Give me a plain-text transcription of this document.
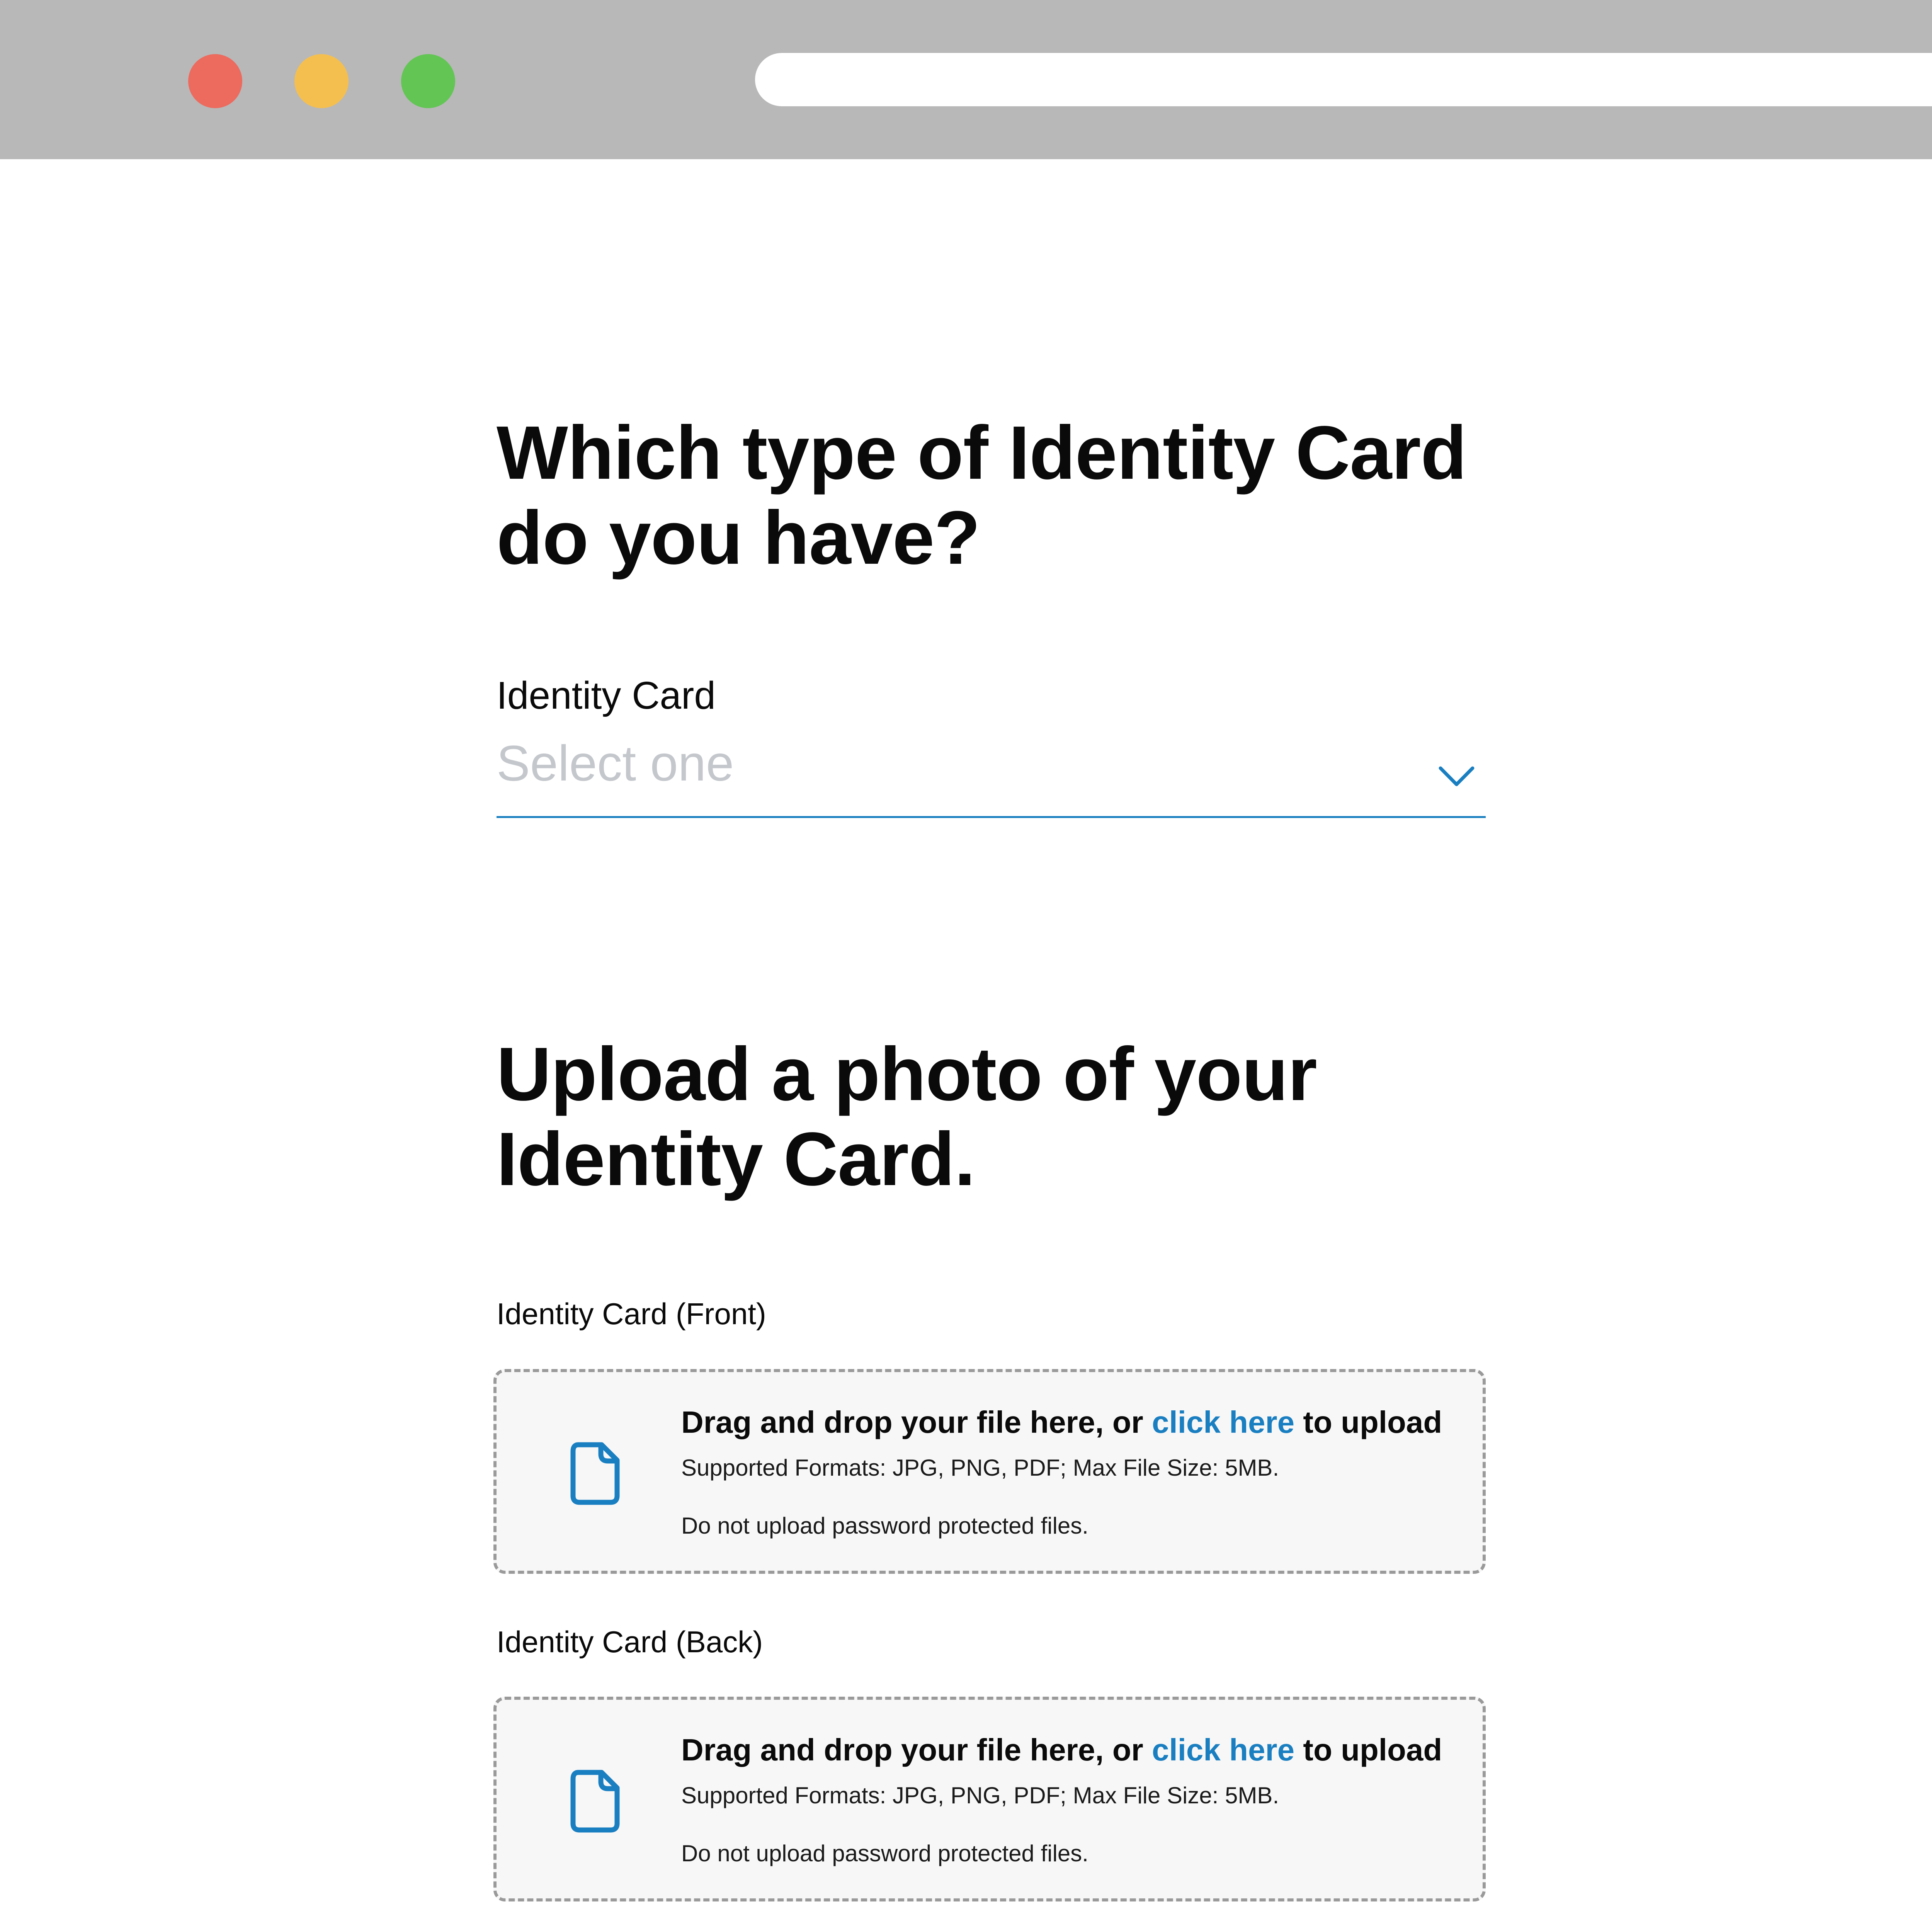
Which type of Identity Card
do you have?
Identity Card
Select one
Upload a photo of your
Identity Card.
Identity Card (Front)
Drag and drop your file here, or click here to upload
Supported Formats: JPG, PNG, PDF; Max File Size: 5MB.
Do not upload password protected files.
Identity Card (Back)
Drag and drop your file here, or click here to upload
Supported Formats: JPG, PNG, PDF; Max File Size: 5MB.
Do not upload password protected files.
